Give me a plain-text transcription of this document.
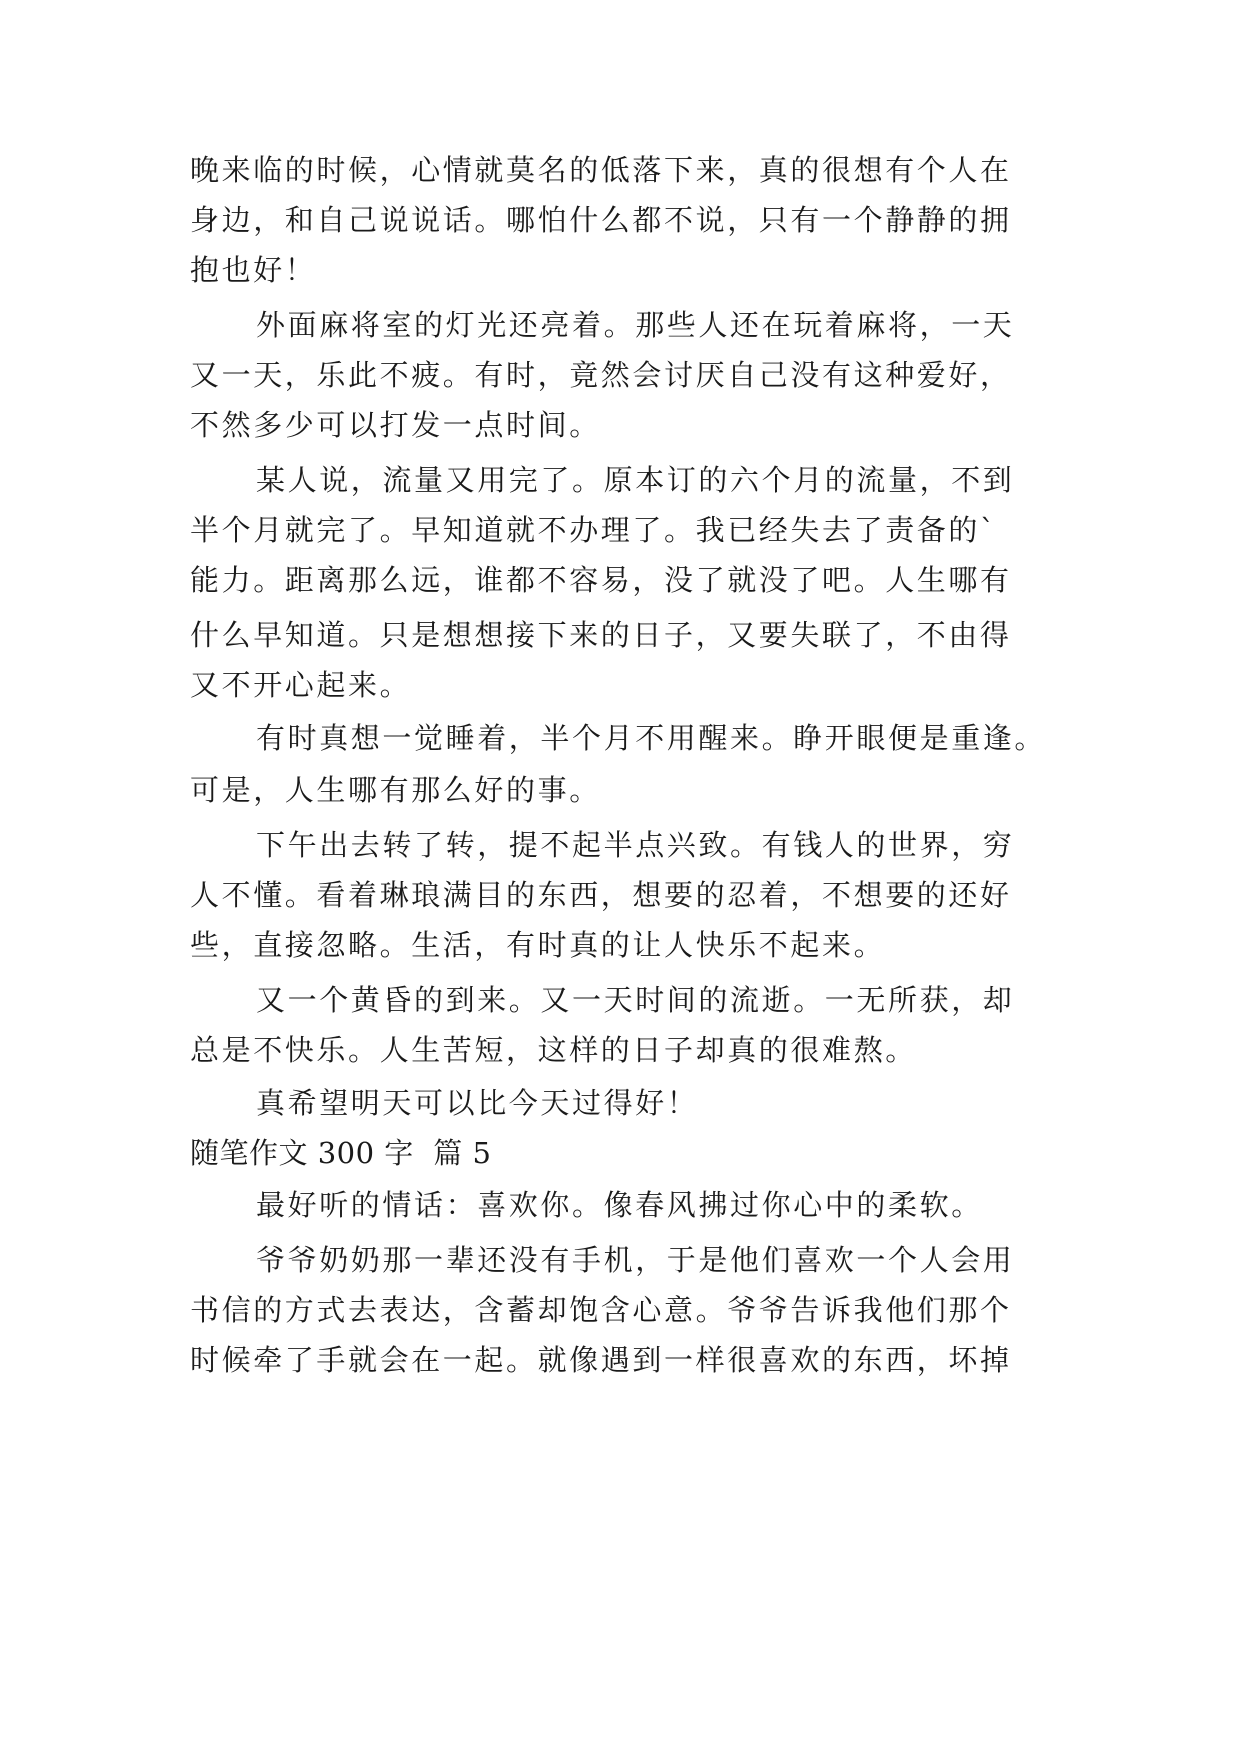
晚来临的时候，心情就莫名的低落下来，真的很想有个人在
身边，和自己说说话。哪怕什么都不说，只有一个静静的拥
抱也好！
外面麻将室的灯光还亮着。那些人还在玩着麻将，一天
又一天，乐此不疲。有时，竟然会讨厌自己没有这种爱好，
不然多少可以打发一点时间。
某人说，流量又用完了。原本订的六个月的流量，不到
半个月就完了。早知道就不办理了。我已经失去了责备的`
能力。距离那么远，谁都不容易，没了就没了吧。人生哪有
什么早知道。只是想想接下来的日子，又要失联了，不由得
又不开心起来。
有时真想一觉睡着，半个月不用醒来。睁开眼便是重逢。
可是，人生哪有那么好的事。
下午出去转了转，提不起半点兴致。有钱人的世界，穷
人不懂。看着琳琅满目的东西，想要的忍着，不想要的还好
些，直接忽略。生活，有时真的让人快乐不起来。
又一个黄昏的到来。又一天时间的流逝。一无所获，却
总是不快乐。人生苦短，这样的日子却真的很难熬。
真希望明天可以比今天过得好！
随笔作文 300 字  篇 5
最好听的情话：喜欢你。像春风拂过你心中的柔软。
爷爷奶奶那一辈还没有手机，于是他们喜欢一个人会用
书信的方式去表达，含蓄却饱含心意。爷爷告诉我他们那个
时候牵了手就会在一起。就像遇到一样很喜欢的东西，坏掉
